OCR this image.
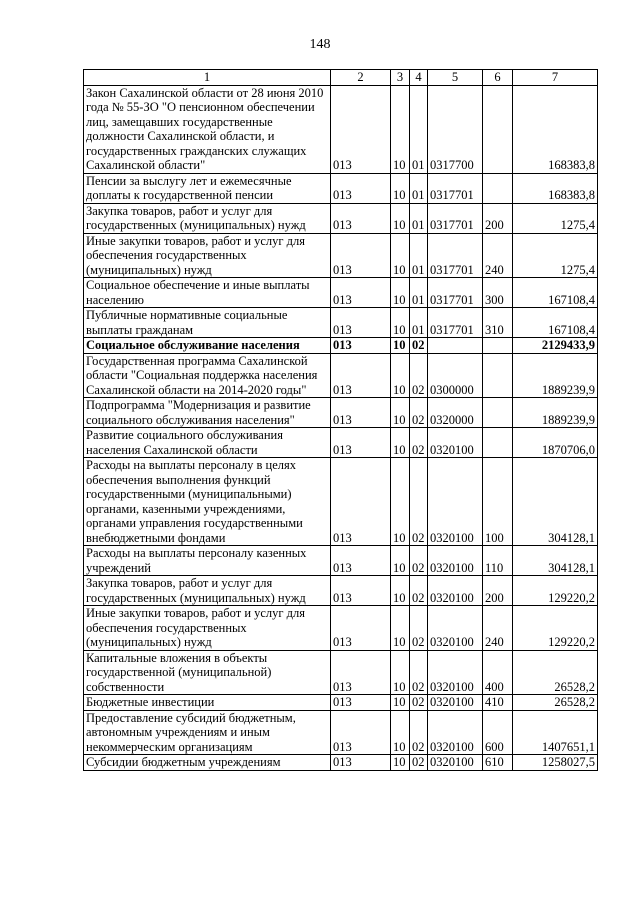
148
1	2	3	4	5	6	7
Закон Сахалинской области от 28 июня 2010 года № 55-ЗО "О пенсионном обеспечении лиц, замещавших государственные должности Сахалинской области, и государственных гражданских служащих Сахалинской области"	013	10	01	0317700		168383,8
Пенсии за выслугу лет и ежемесячные доплаты к государственной пенсии	013	10	01	0317701		168383,8
Закупка товаров, работ и услуг для государственных (муниципальных) нужд	013	10	01	0317701	200	1275,4
Иные закупки товаров, работ и услуг для обеспечения государственных (муниципальных) нужд	013	10	01	0317701	240	1275,4
Социальное обеспечение и иные выплаты населению	013	10	01	0317701	300	167108,4
Публичные нормативные социальные выплаты гражданам	013	10	01	0317701	310	167108,4
Социальное обслуживание населения	013	10	02			2129433,9
Государственная программа Сахалинской области "Социальная поддержка населения Сахалинской области на 2014-2020 годы"	013	10	02	0300000		1889239,9
Подпрограмма "Модернизация и развитие социального обслуживания населения"	013	10	02	0320000		1889239,9
Развитие социального обслуживания населения Сахалинской области	013	10	02	0320100		1870706,0
Расходы на выплаты персоналу в целях обеспечения выполнения функций государственными (муниципальными) органами, казенными учреждениями, органами управления государственными внебюджетными фондами	013	10	02	0320100	100	304128,1
Расходы на выплаты персоналу казенных учреждений	013	10	02	0320100	110	304128,1
Закупка товаров, работ и услуг для государственных (муниципальных) нужд	013	10	02	0320100	200	129220,2
Иные закупки товаров, работ и услуг для обеспечения государственных (муниципальных) нужд	013	10	02	0320100	240	129220,2
Капитальные вложения в объекты государственной (муниципальной) собственности	013	10	02	0320100	400	26528,2
Бюджетные инвестиции	013	10	02	0320100	410	26528,2
Предоставление субсидий бюджетным, автономным учреждениям и иным некоммерческим организациям	013	10	02	0320100	600	1407651,1
Субсидии бюджетным учреждениям	013	10	02	0320100	610	1258027,5
